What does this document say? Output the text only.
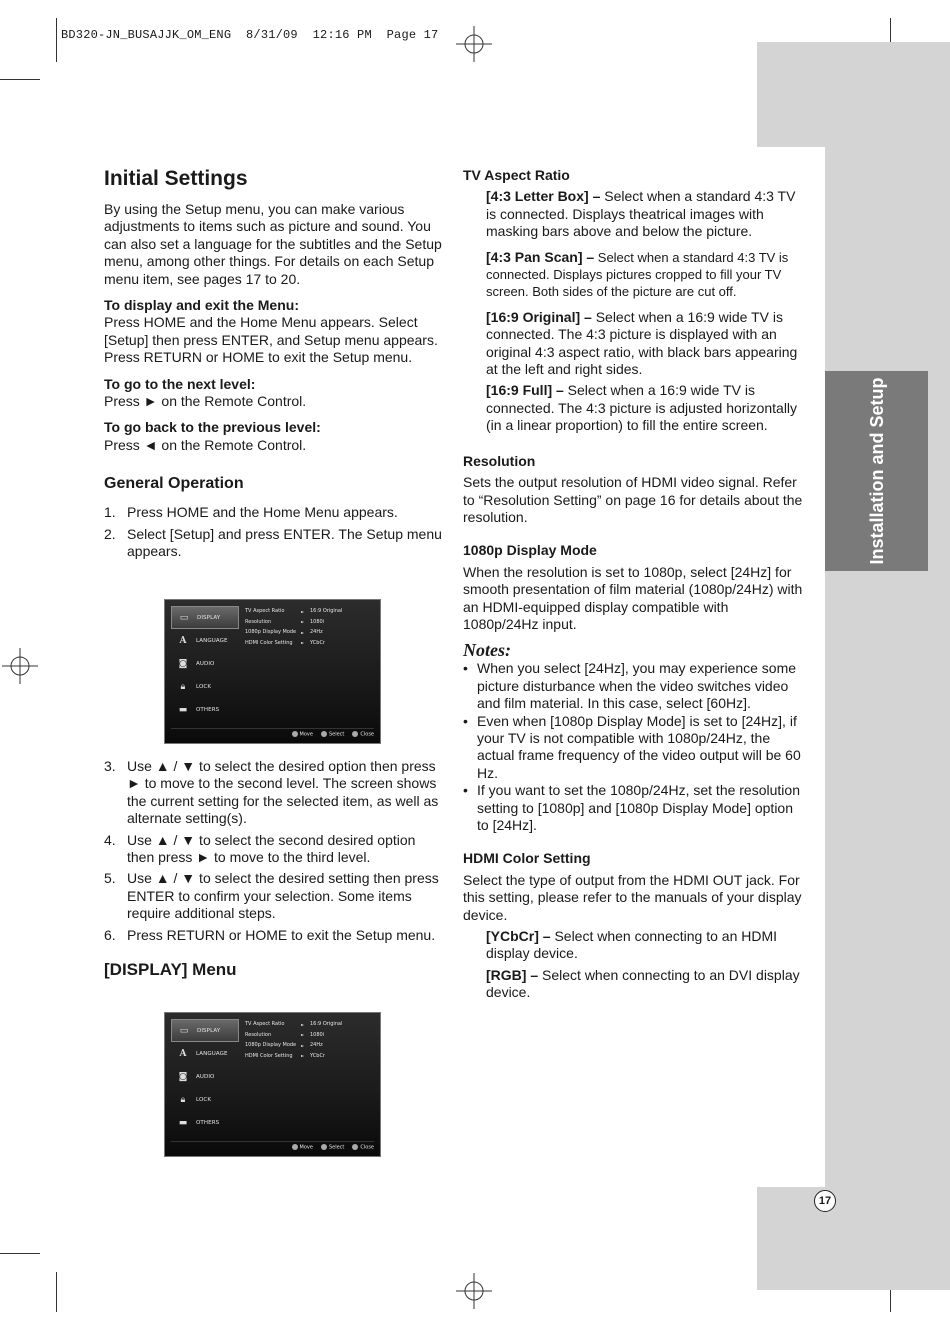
BD320-JN_BUSAJJK_OM_ENG  8/31/09  12:16 PM  Page 17
Installation and Setup
17
Initial Settings

By using the Setup menu, you can make various adjustments to items such as picture and sound. You can also set a language for the subtitles and the Setup menu, among other things. For details on each Setup menu item, see pages 17 to 20.

To display and exit the Menu:

Press HOME and the Home Menu appears. Select [Setup] then press ENTER, and Setup menu appears.

Press RETURN or HOME to exit the Setup menu.

To go to the next level:

Press ► on the Remote Control.

To go back to the previous level:

Press ◄ on the Remote Control.

General Operation
1. Press HOME and the Home Menu appears.
2. Select [Setup] and press ENTER. The Setup menu appears.
▭	DISPLAY
A	LANGUAGE
◙	AUDIO
🔒︎	LOCK
▬	OTHERS
TV Aspect Ratio	►	16:9 Original
Resolution	►	1080i
1080p Display Mode	►	24Hz
HDMI Color Setting	►	YCbCr
Move	Select	Close
3. Use ▲ / ▼ to select the desired option then press ► to move to the second level. The screen shows the current setting for the selected item, as well as alternate setting(s).
4. Use ▲ / ▼ to select the second desired option then press ► to move to the third level.
5. Use ▲ / ▼ to select the desired setting then press ENTER to confirm your selection. Some items require additional steps.
6. Press RETURN or HOME to exit the Setup menu.
[DISPLAY] Menu
▭	DISPLAY
A	LANGUAGE
◙	AUDIO
🔒︎	LOCK
▬	OTHERS
TV Aspect Ratio	►	16:9 Original
Resolution	►	1080i
1080p Display Mode	►	24Hz
HDMI Color Setting	►	YCbCr
Move	Select	Close

TV Aspect Ratio

[4:3 Letter Box] – Select when a standard 4:3 TV is connected. Displays theatrical images with masking bars above and below the picture.

[4:3 Pan Scan] – Select when a standard 4:3 TV is connected. Displays pictures cropped to fill your TV screen. Both sides of the picture are cut off.

[16:9 Original] – Select when a 16:9 wide TV is connected. The 4:3 picture is displayed with an original 4:3 aspect ratio, with black bars appearing at the left and right sides.

[16:9 Full] – Select when a 16:9 wide TV is connected. The 4:3 picture is adjusted horizontally (in a linear proportion) to fill the entire screen.

Resolution

Sets the output resolution of HDMI video signal. Refer to “Resolution Setting” on page 16 for details about the resolution.

1080p Display Mode

When the resolution is set to 1080p, select [24Hz] for smooth presentation of film material (1080p/24Hz) with an HDMI-equipped display compatible with 1080p/24Hz input.

Notes:

• When you select [24Hz], you may experience some picture disturbance when the video switches video and film material. In this case, select [60Hz].
• Even when [1080p Display Mode] is set to [24Hz], if your TV is not compatible with 1080p/24Hz, the actual frame frequency of the video output will be 60 Hz.
• If you want to set the 1080p/24Hz, set the resolution setting to [1080p] and [1080p Display Mode] option to [24Hz].

HDMI Color Setting

Select the type of output from the HDMI OUT jack. For this setting, please refer to the manuals of your display device.

[YCbCr] – Select when connecting to an HDMI display device.

[RGB] – Select when connecting to an DVI display device.
